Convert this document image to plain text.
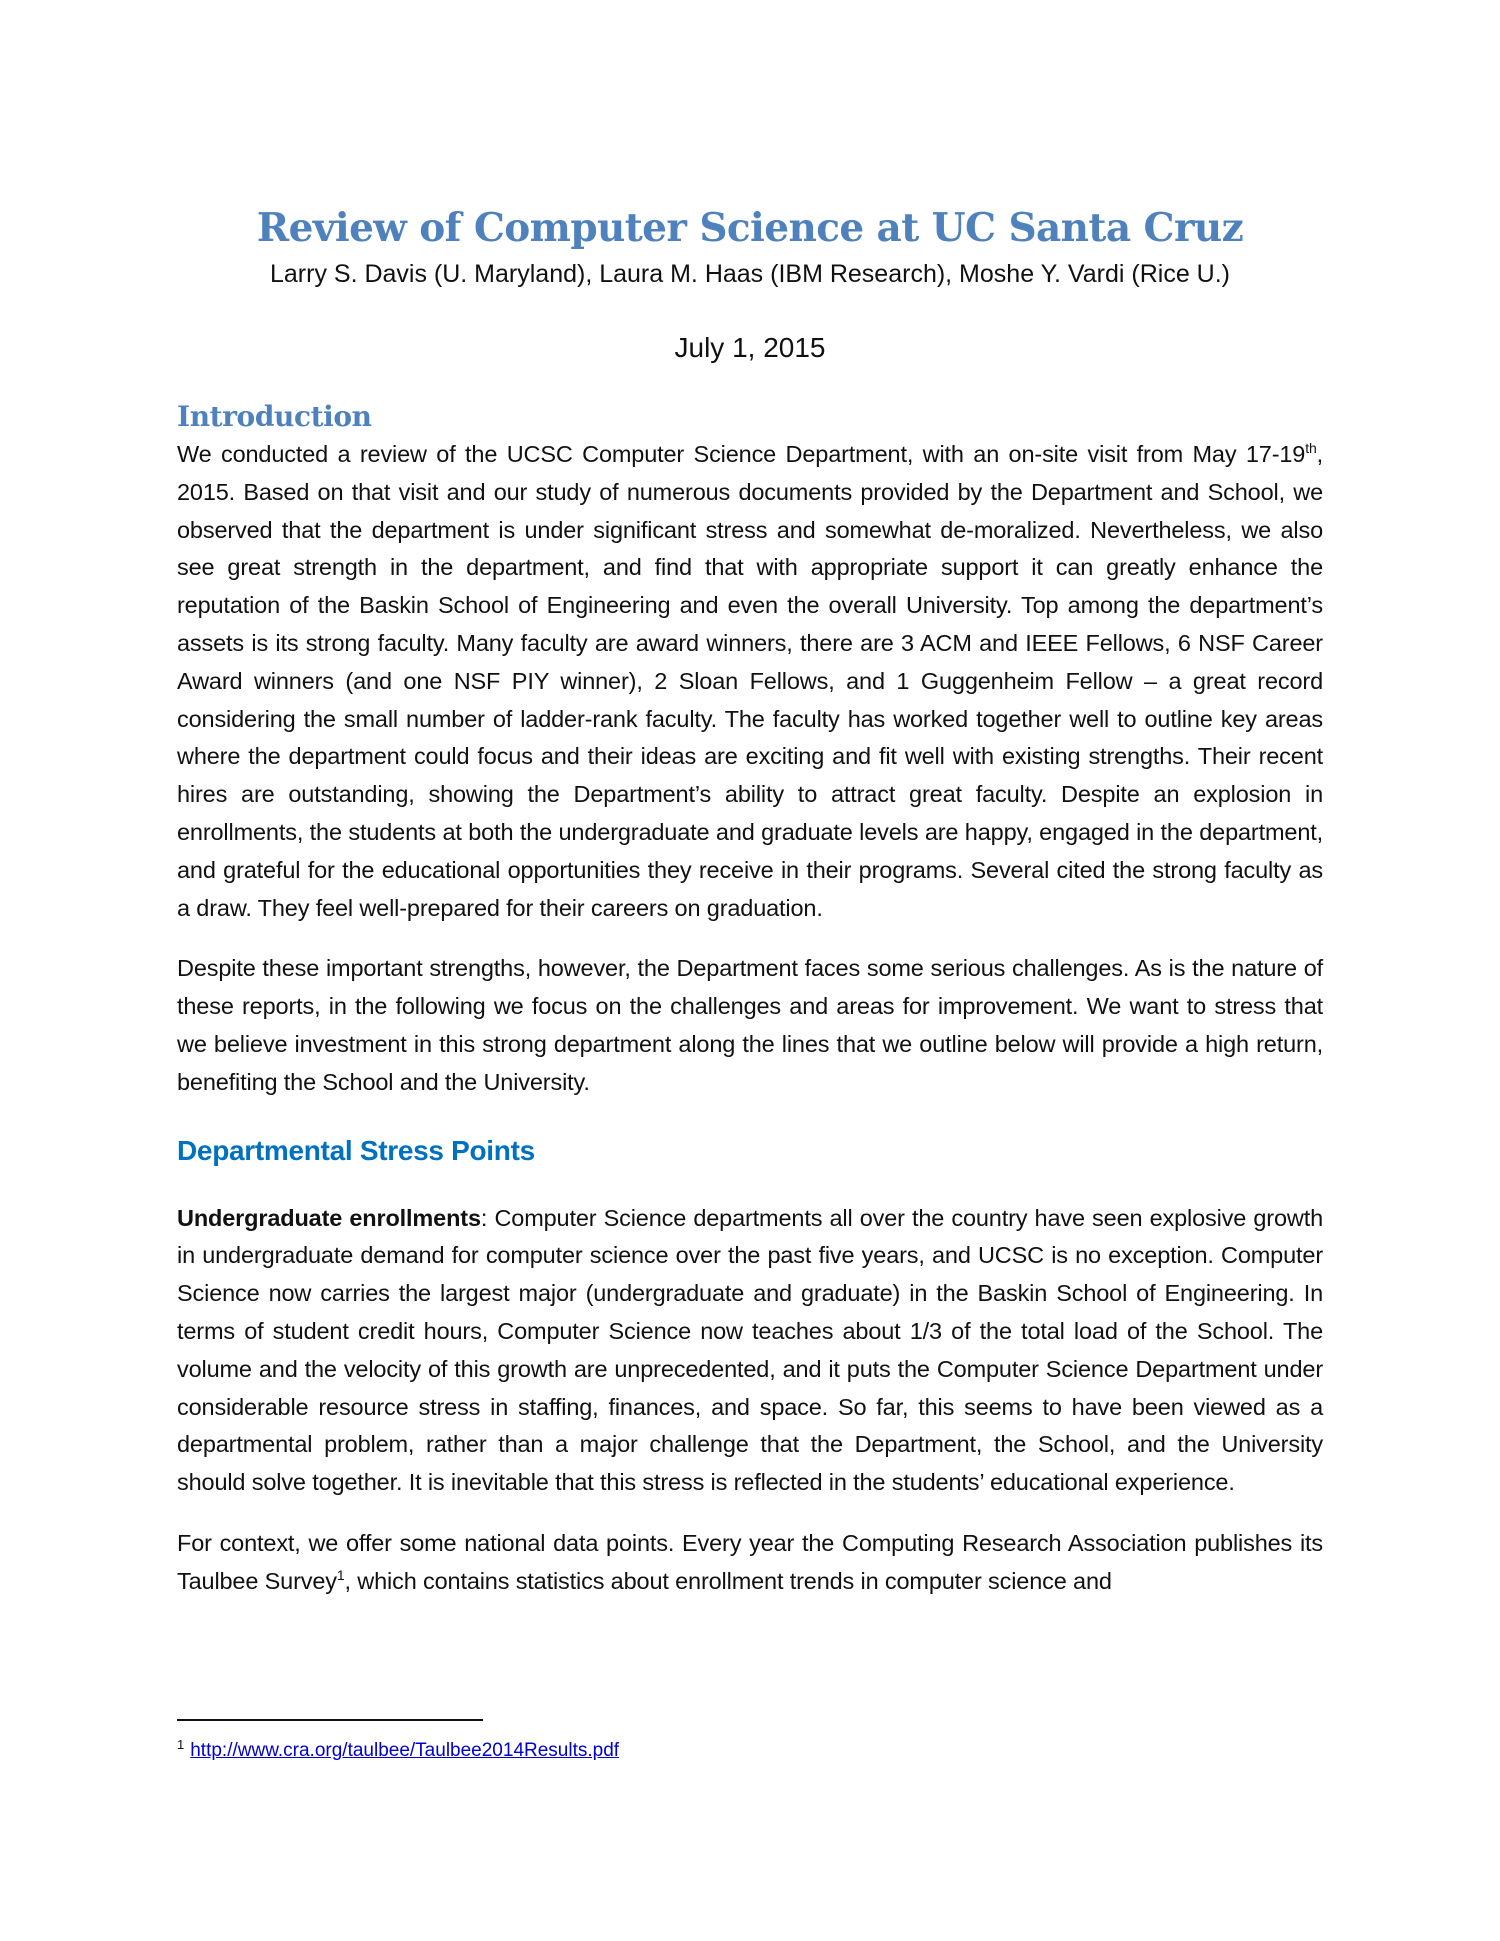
Review of Computer Science at UC Santa Cruz
Larry S. Davis (U. Maryland), Laura M. Haas (IBM Research), Moshe Y. Vardi (Rice U.)
July 1, 2015
Introduction

We conducted a review of the UCSC Computer Science Department, with an on-site visit from May 17-19th, 2015. Based on that visit and our study of numerous documents provided by the Department and School, we observed that the department is under significant stress and somewhat de-moralized. Nevertheless, we also see great strength in the department, and find that with appropriate support it can greatly enhance the reputation of the Baskin School of Engineering and even the overall University. Top among the department’s assets is its strong faculty. Many faculty are award winners, there are 3 ACM and IEEE Fellows, 6 NSF Career Award winners (and one NSF PIY winner), 2 Sloan Fellows, and 1 Guggenheim Fellow – a great record considering the small number of ladder-rank faculty. The faculty has worked together well to outline key areas where the department could focus and their ideas are exciting and fit well with existing strengths. Their recent hires are outstanding, showing the Department’s ability to attract great faculty. Despite an explosion in enrollments, the students at both the undergraduate and graduate levels are happy, engaged in the department, and grateful for the educational opportunities they receive in their programs. Several cited the strong faculty as a draw. They feel well-prepared for their careers on graduation.

Despite these important strengths, however, the Department faces some serious challenges. As is the nature of these reports, in the following we focus on the challenges and areas for improvement. We want to stress that we believe investment in this strong department along the lines that we outline below will provide a high return, benefiting the School and the University.

Departmental Stress Points

Undergraduate enrollments: Computer Science departments all over the country have seen explosive growth in undergraduate demand for computer science over the past five years, and UCSC is no exception. Computer Science now carries the largest major (undergraduate and graduate) in the Baskin School of Engineering. In terms of student credit hours, Computer Science now teaches about 1/3 of the total load of the School. The volume and the velocity of this growth are unprecedented, and it puts the Computer Science Department under considerable resource stress in staffing, finances, and space. So far, this seems to have been viewed as a departmental problem, rather than a major challenge that the Department, the School, and the University should solve together. It is inevitable that this stress is reflected in the students’ educational experience.

For context, we offer some national data points. Every year the Computing Research Association publishes its Taulbee Survey$^1$, which contains statistics about enrollment trends in computer science and

$^1$ http://www.cra.org/taulbee/Taulbee2014Results.pdf
